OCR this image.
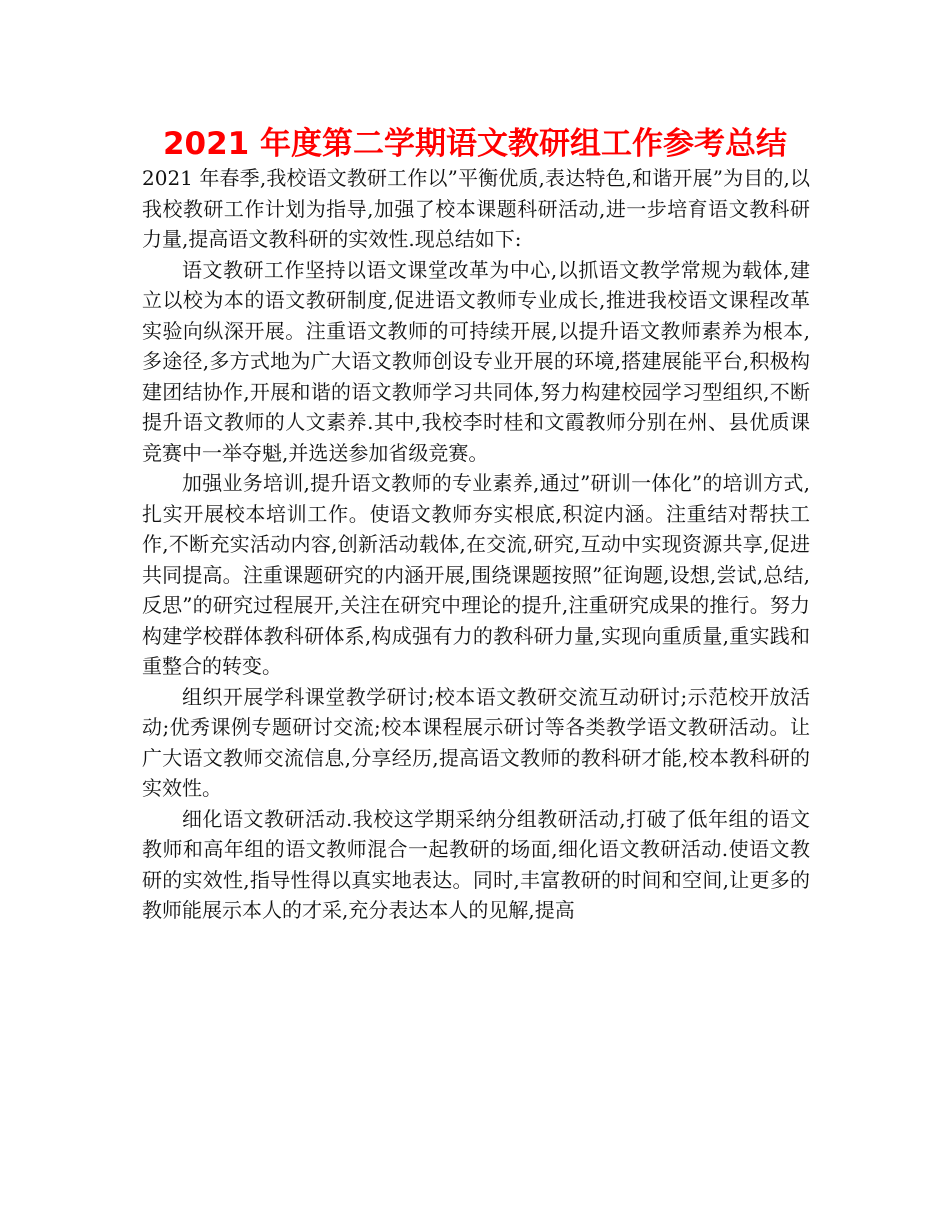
2021 年度第二学期语文教研组工作参考总结

2021 年春季,我校语文教研工作以”平衡优质,表达特色,和谐开展”为目的,以我校教研工作计划为指导,加强了校本课题科研活动,进一步培育语文教科研力量,提高语文教科研的实效性.现总结如下:

语文教研工作坚持以语文课堂改革为中心,以抓语文教学常规为载体,建立以校为本的语文教研制度,促进语文教师专业成长,推进我校语文课程改革实验向纵深开展。注重语文教师的可持续开展,以提升语文教师素养为根本,多途径,多方式地为广大语文教师创设专业开展的环境,搭建展能平台,积极构建团结协作,开展和谐的语文教师学习共同体,努力构建校园学习型组织,不断提升语文教师的人文素养.其中,我校李时桂和文霞教师分别在州、县优质课竞赛中一举夺魁,并选送参加省级竞赛。

加强业务培训,提升语文教师的专业素养,通过”研训一体化”的培训方式,扎实开展校本培训工作。使语文教师夯实根底,积淀内涵。注重结对帮扶工作,不断充实活动内容,创新活动载体,在交流,研究,互动中实现资源共享,促进共同提高。注重课题研究的内涵开展,围绕课题按照”征询题,设想,尝试,总结,反思”的研究过程展开,关注在研究中理论的提升,注重研究成果的推行。努力构建学校群体教科研体系,构成强有力的教科研力量,实现向重质量,重实践和重整合的转变。

组织开展学科课堂教学研讨;校本语文教研交流互动研讨;示范校开放活动;优秀课例专题研讨交流;校本课程展示研讨等各类教学语文教研活动。让广大语文教师交流信息,分享经历,提高语文教师的教科研才能,校本教科研的实效性。

细化语文教研活动.我校这学期采纳分组教研活动,打破了低年组的语文教师和高年组的语文教师混合一起教研的场面,细化语文教研活动.使语文教研的实效性,指导性得以真实地表达。同时,丰富教研的时间和空间,让更多的教师能展示本人的才采,充分表达本人的见解,提高
